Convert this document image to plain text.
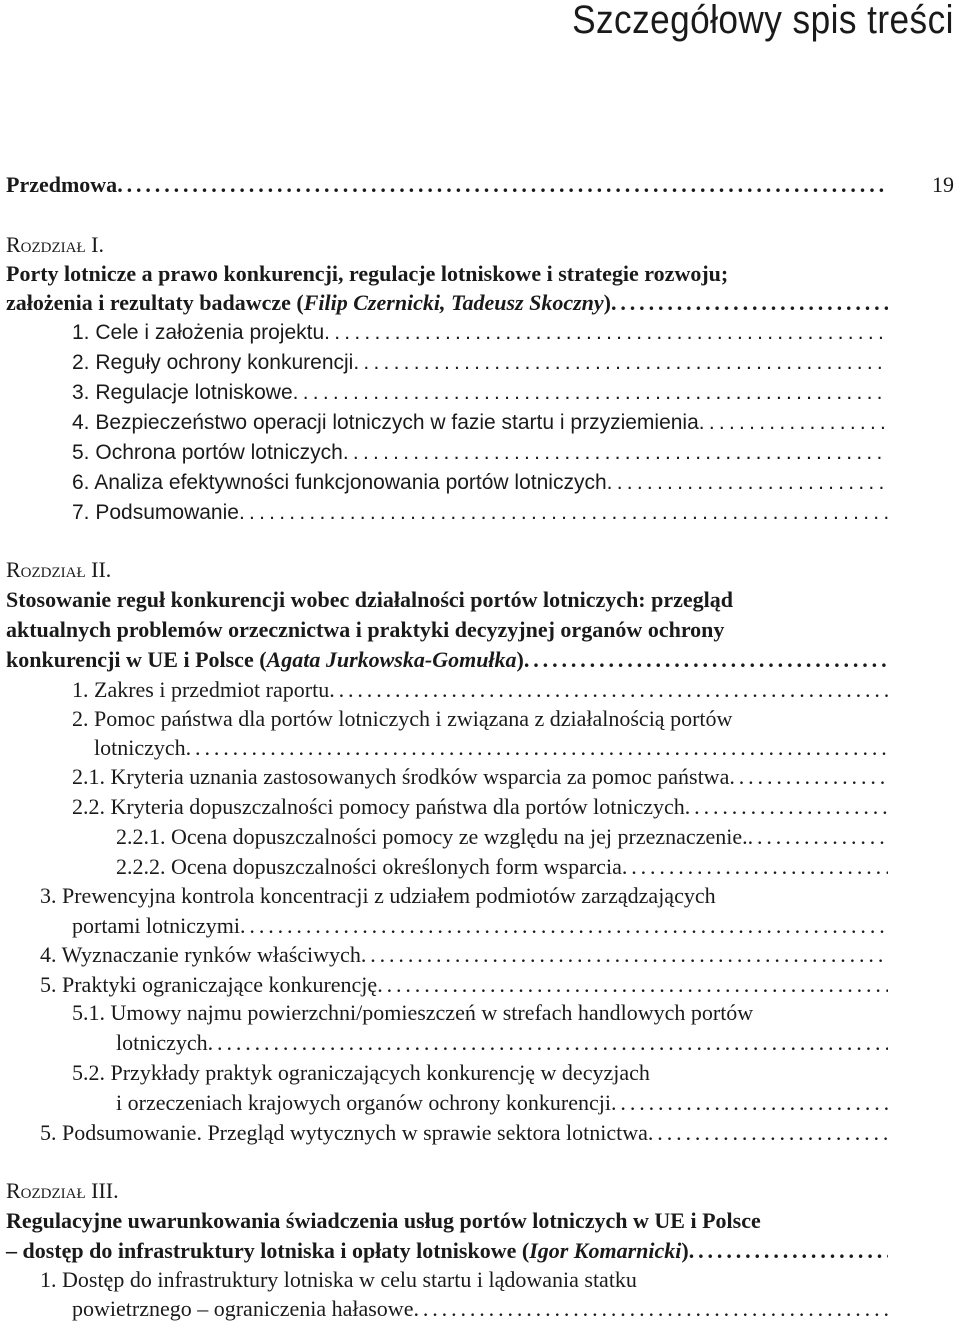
Szczegółowy spis treści
Przedmowa
. . .	19
Rozdział I.
Porty lotnicze a prawo konkurencji, regulacje lotniskowe i strategie rozwoju;
założenia i rezultaty badawcze (Filip Czernicki, Tadeusz Skoczny)
. . .
1. Cele i założenia projektu
. . .
2. Reguły ochrony konkurencji
. . .
3. Regulacje lotniskowe
. . .
4. Bezpieczeństwo operacji lotniczych w fazie startu i przyziemienia
. . .
5. Ochrona portów lotniczych
. . .
6. Analiza efektywności funkcjonowania portów lotniczych
. . .
7. Podsumowanie
. . .
Rozdział II.
Stosowanie reguł konkurencji wobec działalności portów lotniczych: przegląd
aktualnych problemów orzecznictwa i praktyki decyzyjnej organów ochrony
konkurencji w UE i Polsce (Agata Jurkowska-Gomułka)
. . .
1. Zakres i przedmiot raportu
. . .
2. Pomoc państwa dla portów lotniczych i związana z działalnością portów
lotniczych
. . .
2.1. Kryteria uznania zastosowanych środków wsparcia za pomoc państwa
. . .
2.2. Kryteria dopuszczalności pomocy państwa dla portów lotniczych
. . .
2.2.1. Ocena dopuszczalności pomocy ze względu na jej przeznaczenie.
. . .
2.2.2. Ocena dopuszczalności określonych form wsparcia
. . .
3. Prewencyjna kontrola koncentracji z udziałem podmiotów zarządzających
portami lotniczymi
. . .
4. Wyznaczanie rynków właściwych
. . .
5. Praktyki ograniczające konkurencję
. . .
5.1. Umowy najmu powierzchni/pomieszczeń w strefach handlowych portów
lotniczych
. . .
5.2. Przykłady praktyk ograniczających konkurencję w decyzjach
i orzeczeniach krajowych organów ochrony konkurencji
. . .
5. Podsumowanie. Przegląd wytycznych w sprawie sektora lotnictwa
. . .
Rozdział III.
Regulacyjne uwarunkowania świadczenia usług portów lotniczych w UE i Polsce
– dostęp do infrastruktury lotniska i opłaty lotniskowe (Igor Komarnicki)
. . .
1. Dostęp do infrastruktury lotniska w celu startu i lądowania statku
powietrznego – ograniczenia hałasowe
. . .
